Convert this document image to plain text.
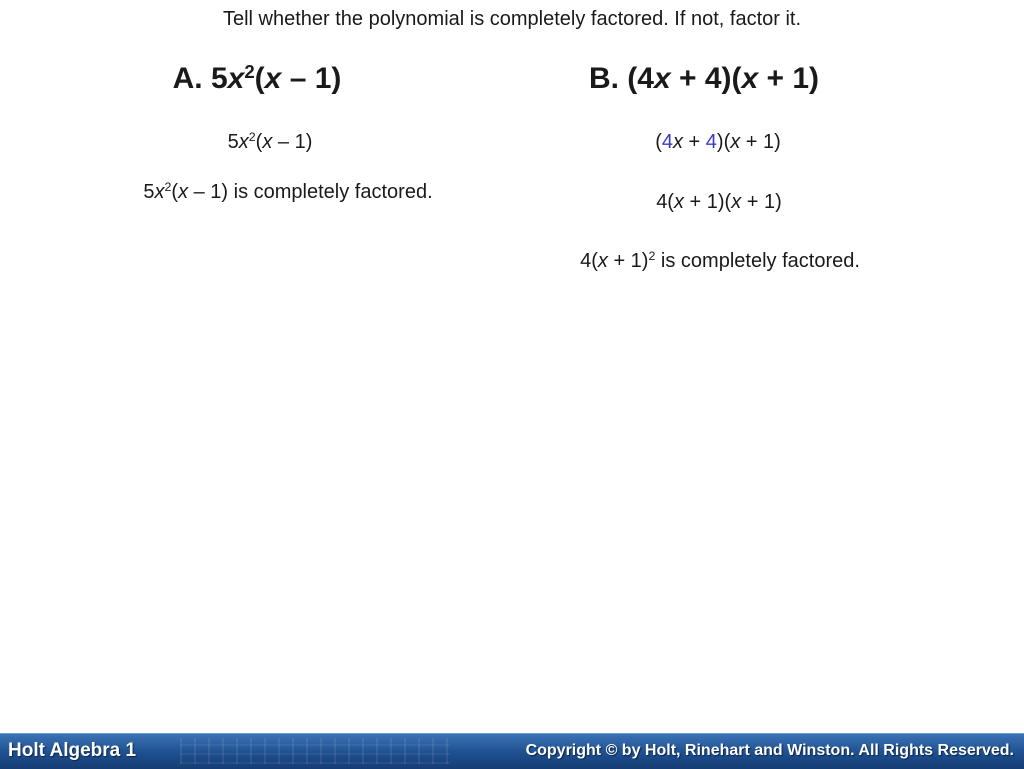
Tell whether the polynomial is completely factored. If not, factor it.
A. $5x^2(x - 1)$	B. (4x + 4)(x + 1)
$5x^2(x - 1)$
$5x^2(x - 1)$ is completely factored.
(4x + 4)(x + 1)
4(x + 1)(x + 1)
$4(x + 1)^2$ is completely factored.
Holt Algebra 1	Copyright © by Holt, Rinehart and Winston. All Rights Reserved.
